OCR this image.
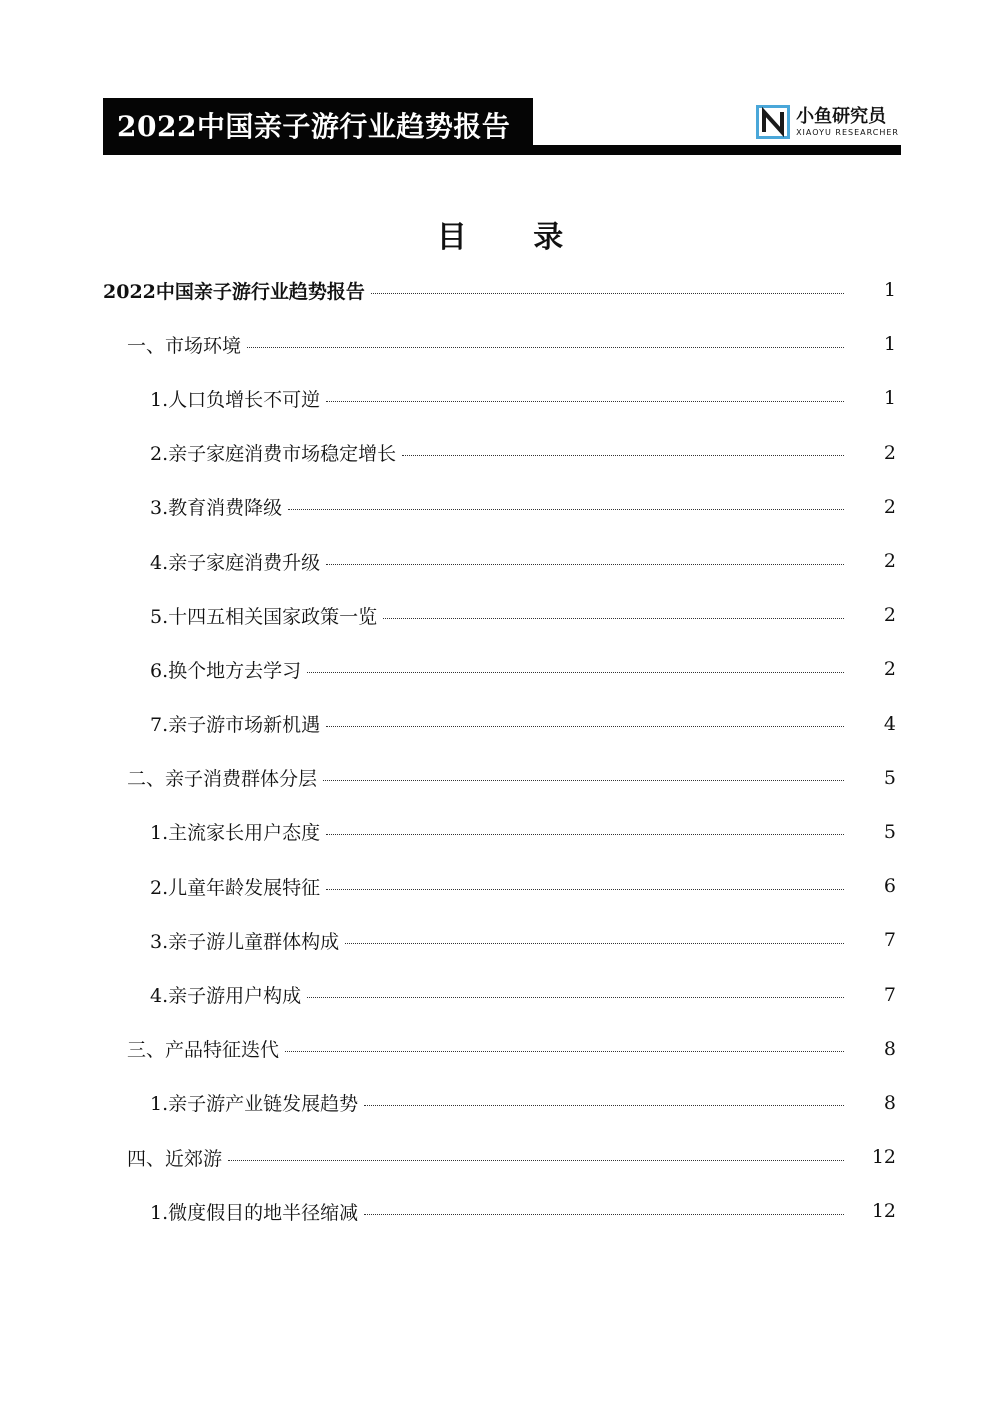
2022中国亲子游行业趋势报告	小鱼研究员
XIAOYU RESEARCHER
目 录
2022中国亲子游行业趋势报告	1
一、市场环境	1
1.人口负增长不可逆	1
2.亲子家庭消费市场稳定增长	2
3.教育消费降级	2
4.亲子家庭消费升级	2
5.十四五相关国家政策一览	2
6.换个地方去学习	2
7.亲子游市场新机遇	4
二、亲子消费群体分层	5
1.主流家长用户态度	5
2.儿童年龄发展特征	6
3.亲子游儿童群体构成	7
4.亲子游用户构成	7
三、产品特征迭代	8
1.亲子游产业链发展趋势	8
四、近郊游	12
1.微度假目的地半径缩减	12
